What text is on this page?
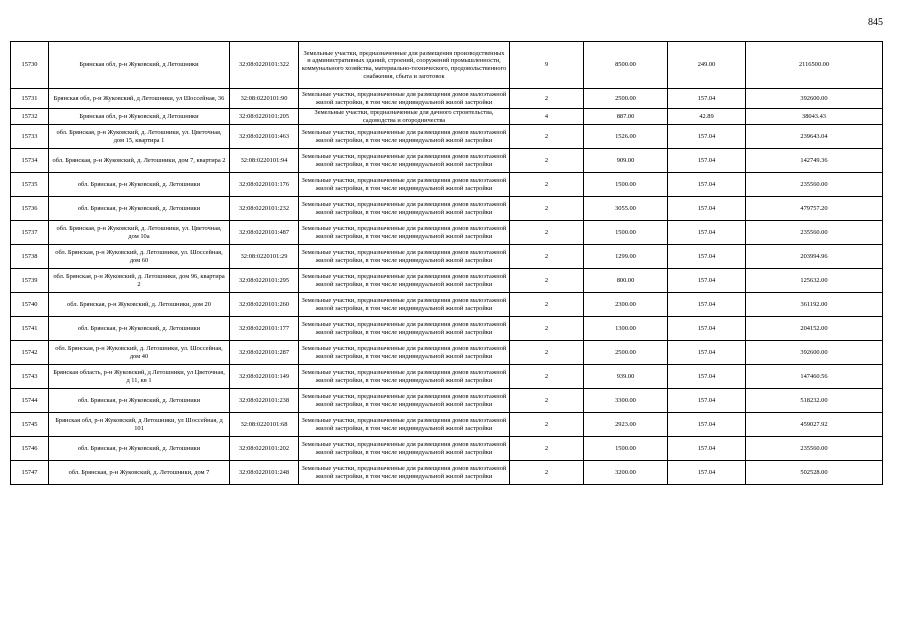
845
15730	Брянская обл, р-н Жуковский, д Летошники	32:08:0220101:322	Земельные участки, предназначенные для размещения производственных и административных зданий, строений, сооружений промышленности, коммунального хозяйства, материально-технического, продовольственного снабжения, сбыта и заготовок	9	8500.00	249.00	2116500.00
15731	Брянская обл, р-н Жуковский, д Летошники, ул Шоссейная, 36	32:08:0220101:90	Земельные участки, предназначенные для размещения домов малоэтажной жилой застройки, в том числе индивидуальной жилой застройки	2	2500.00	157.04	392600.00
15732	Брянская обл, р-н Жуковский, д Летошники	32:08:0220101:205	Земельные участки, предназначенные для дачного строительства, садоводства и огородничества	4	887.00	42.89	38043.43
15733	обл. Брянская, р-н Жуковский, д. Летошники, ул. Цветочная, дом 15, квартира 1	32:08:0220101:463	Земельные участки, предназначенные для размещения домов малоэтажной жилой застройки, в том числе индивидуальной жилой застройки	2	1526.00	157.04	239643.04
15734	обл. Брянская, р-н Жуковский, д. Летошники, дом 7, квартира 2	32:08:0220101:94	Земельные участки, предназначенные для размещения домов малоэтажной жилой застройки, в том числе индивидуальной жилой застройки	2	909.00	157.04	142749.36
15735	обл. Брянская, р-н Жуковский, д. Летошники	32:08:0220101:176	Земельные участки, предназначенные для размещения домов малоэтажной жилой застройки, в том числе индивидуальной жилой застройки	2	1500.00	157.04	235560.00
15736	обл. Брянская, р-н Жуковский, д. Летошники	32:08:0220101:232	Земельные участки, предназначенные для размещения домов малоэтажной жилой застройки, в том числе индивидуальной жилой застройки	2	3055.00	157.04	479757.20
15737	обл. Брянская, р-н Жуковский, д. Летошники, ул. Цветочная, дом 10а	32:08:0220101:487	Земельные участки, предназначенные для размещения домов малоэтажной жилой застройки, в том числе индивидуальной жилой застройки	2	1500.00	157.04	235560.00
15738	обл. Брянская, р-н Жуковский, д. Летошники, ул. Шоссейная, дом 60	32:08:0220101:29	Земельные участки, предназначенные для размещения домов малоэтажной жилой застройки, в том числе индивидуальной жилой застройки	2	1299.00	157.04	203994.96
15739	обл. Брянская, р-н Жуковский, д. Летошники, дом 96, квартира 2	32:08:0220101:295	Земельные участки, предназначенные для размещения домов малоэтажной жилой застройки, в том числе индивидуальной жилой застройки	2	800.00	157.04	125632.00
15740	обл. Брянская, р-н Жуковский, д. Летошники, дом 20	32:08:0220101:260	Земельные участки, предназначенные для размещения домов малоэтажной жилой застройки, в том числе индивидуальной жилой застройки	2	2300.00	157.04	361192.00
15741	обл. Брянская, р-н Жуковский, д. Летошники	32:08:0220101:177	Земельные участки, предназначенные для размещения домов малоэтажной жилой застройки, в том числе индивидуальной жилой застройки	2	1300.00	157.04	204152.00
15742	обл. Брянская, р-н Жуковский, д. Летошники, ул. Шоссейная, дом 40	32:08:0220101:287	Земельные участки, предназначенные для размещения домов малоэтажной жилой застройки, в том числе индивидуальной жилой застройки	2	2500.00	157.04	392600.00
15743	Брянская область, р-н Жуковский, д Летошники, ул Цветочная, д 11, кв 1	32:08:0220101:149	Земельные участки, предназначенные для размещения домов малоэтажной жилой застройки, в том числе индивидуальной жилой застройки	2	939.00	157.04	147460.56
15744	обл. Брянская, р-н Жуковский, д. Летошники	32:08:0220101:238	Земельные участки, предназначенные для размещения домов малоэтажной жилой застройки, в том числе индивидуальной жилой застройки	2	3300.00	157.04	518232.00
15745	Брянская обл, р-н Жуковский, д Летошники, ул Шоссейная, д 101	32:08:0220101:68	Земельные участки, предназначенные для размещения домов малоэтажной жилой застройки, в том числе индивидуальной жилой застройки	2	2923.00	157.04	459027.92
15746	обл. Брянская, р-н Жуковский, д. Летошники	32:08:0220101:202	Земельные участки, предназначенные для размещения домов малоэтажной жилой застройки, в том числе индивидуальной жилой застройки	2	1500.00	157.04	235560.00
15747	обл. Брянская, р-н Жуковский, д. Летошники, дом 7	32:08:0220101:248	Земельные участки, предназначенные для размещения домов малоэтажной жилой застройки, в том числе индивидуальной жилой застройки	2	3200.00	157.04	502528.00
